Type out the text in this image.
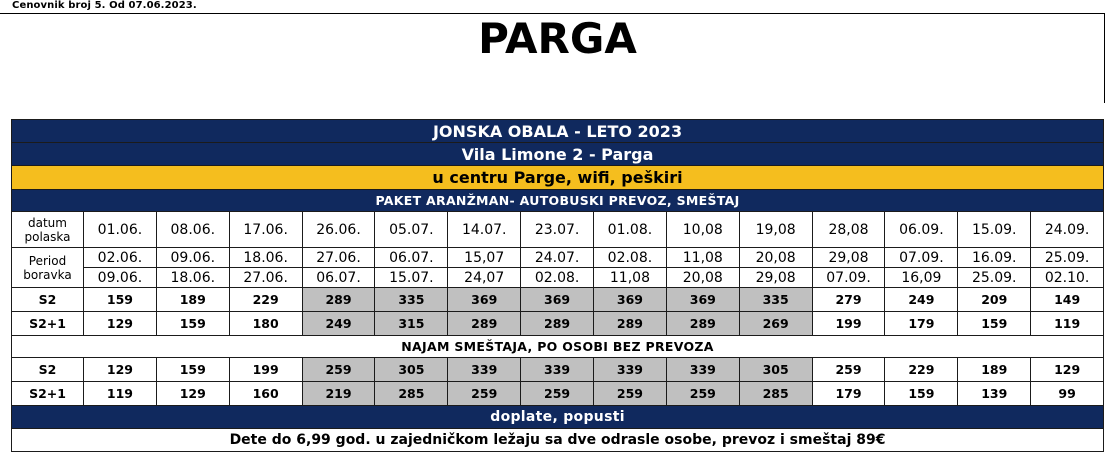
Cenovnik broj 5. Od 07.06.2023.
PARGA
JONSKA OBALA - LETO 2023														
Vila Limone 2 - Parga														
u centru Parge, wifi, peškiri														
PAKET ARANŽMAN- AUTOBUSKI PREVOZ, SMEŠTAJ														
datum
polaska	01.06.	08.06.	17.06.	26.06.	05.07.	14.07.	23.07.	01.08.	10,08	19,08	28,08	06.09.	15.09.	24.09.
Period
boravka	02.06.	09.06.	18.06.	27.06.	06.07.	15,07	24.07.	02.08.	11,08	20,08	29,08	07.09.	16.09.	25.09.
	09.06.	18.06.	27.06.	06.07.	15.07.	24,07	02.08.	11,08	20,08	29,08	07.09.	16,09	25.09.	02.10.
S2	159	189	229	289	335	369	369	369	369	335	279	249	209	149
S2+1	129	159	180	249	315	289	289	289	289	269	199	179	159	119
NAJAM SMEŠTAJA, PO OSOBI BEZ PREVOZA														
S2	129	159	199	259	305	339	339	339	339	305	259	229	189	129
S2+1	119	129	160	219	285	259	259	259	259	285	179	159	139	99
doplate, popusti														
Dete do 6,99 god. u zajedničkom ležaju sa dve odrasle osobe, prevoz i smeštaj 89€														
